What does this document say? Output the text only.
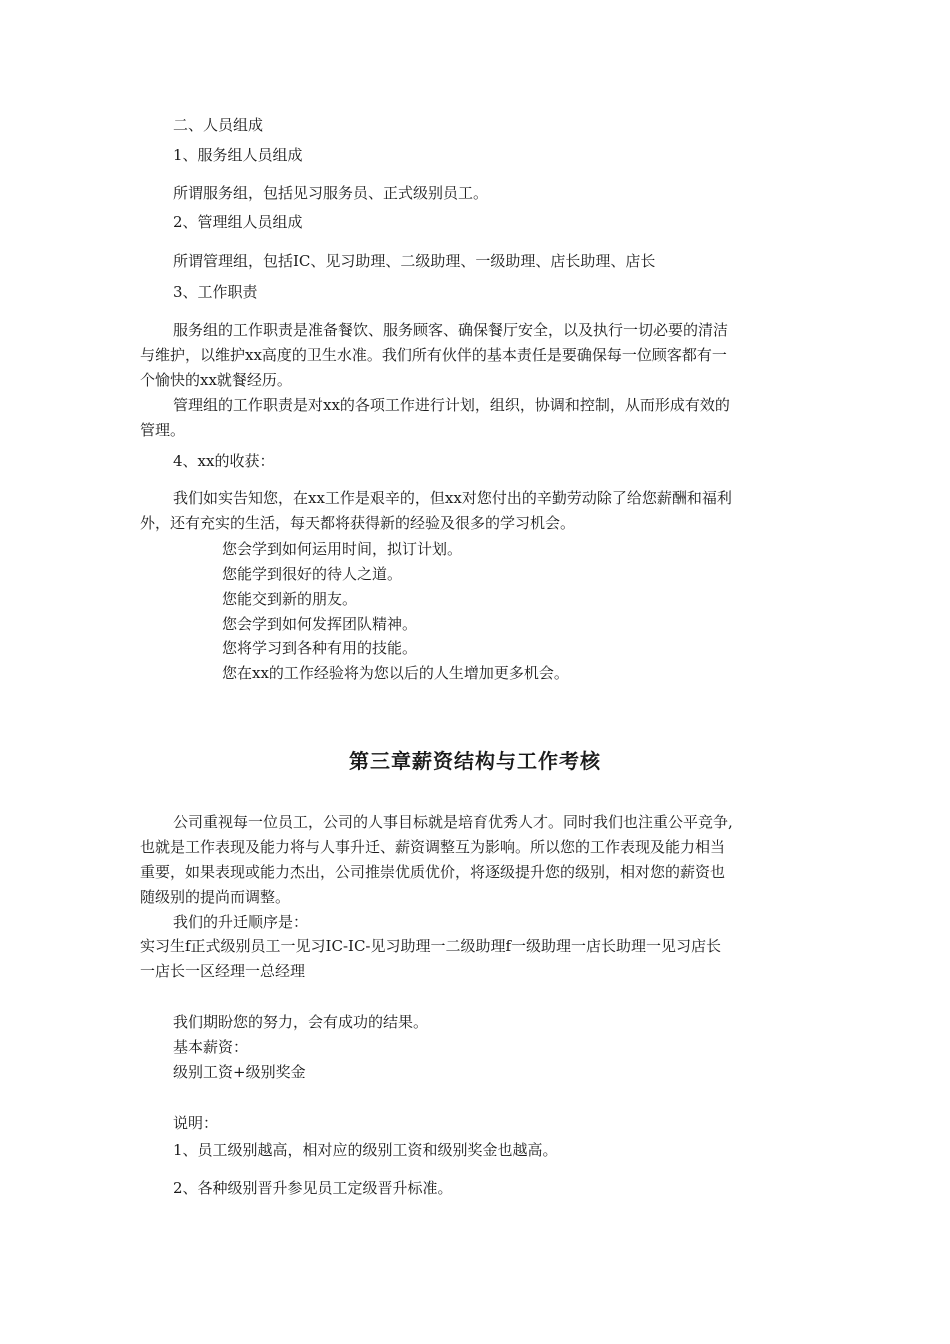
二、人员组成
1、服务组人员组成
所谓服务组，包括见习服务员、正式级别员工。
2、管理组人员组成
所谓管理组，包括IC、见习助理、二级助理、一级助理、店长助理、店长
3、工作职责
服务组的工作职责是准备餐饮、服务顾客、确保餐厅安全，以及执行一切必要的清洁
与维护，以维护xx高度的卫生水准。我们所有伙伴的基本责任是要确保每一位顾客都有一
个愉快的xx就餐经历。
管理组的工作职责是对xx的各项工作进行计划，组织，协调和控制，从而形成有效的
管理。
4、xx的收获：
我们如实告知您，在xx工作是艰辛的，但xx对您付出的辛勤劳动除了给您薪酬和福利
外，还有充实的生活，每天都将获得新的经验及很多的学习机会。
您会学到如何运用时间，拟订计划。
您能学到很好的待人之道。
您能交到新的朋友。
您会学到如何发挥团队精神。
您将学习到各种有用的技能。
您在xx的工作经验将为您以后的人生增加更多机会。
第三章薪资结构与工作考核
公司重视每一位员工，公司的人事目标就是培育优秀人才。同时我们也注重公平竞争,
也就是工作表现及能力将与人事升迁、薪资调整互为影响。所以您的工作表现及能力相当
重要，如果表现或能力杰出，公司推崇优质优价，将逐级提升您的级别，相对您的薪资也
随级别的提尚而调整。
我们的升迁顺序是：
实习生f正式级别员工一见习IC-IC-见习助理一二级助理f一级助理一店长助理一见习店长
一店长一区经理一总经理
我们期盼您的努力，会有成功的结果。
基本薪资：
级别工资+级别奖金
说明：
1、员工级别越高，相对应的级别工资和级别奖金也越高。
2、各种级别晋升参见员工定级晋升标准。
